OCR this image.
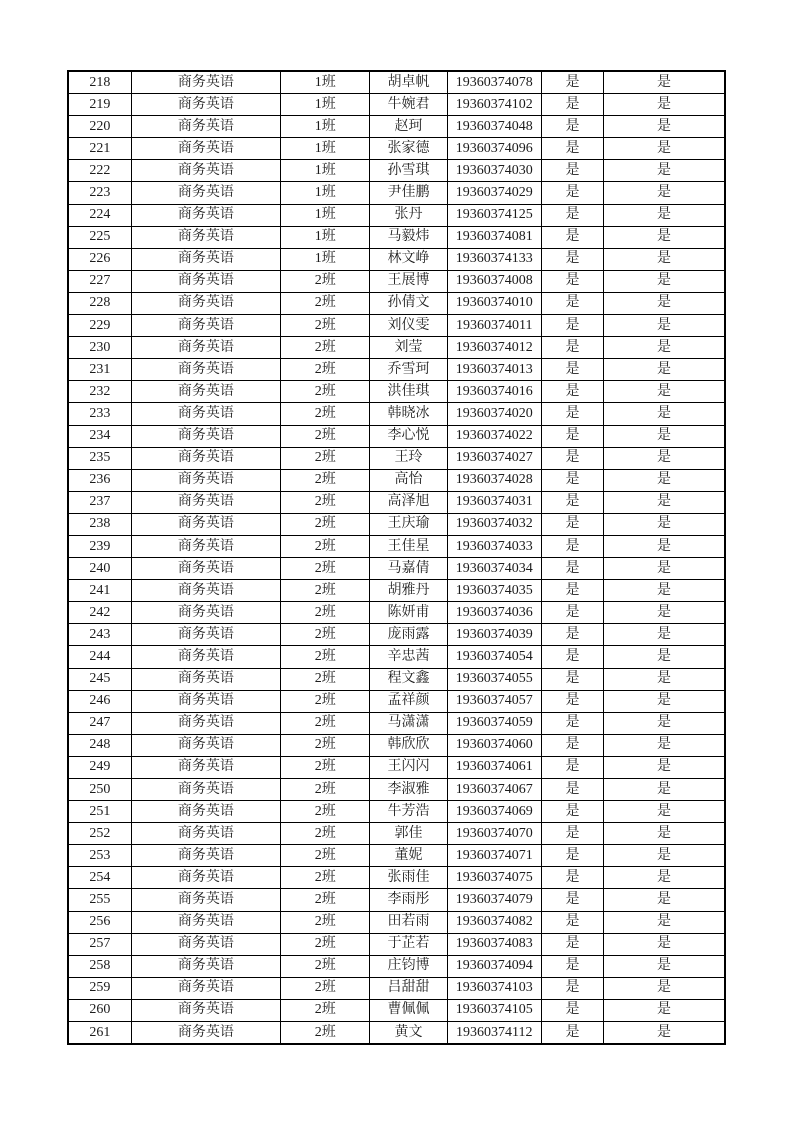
218	商务英语	1班	胡卓帆	19360374078	是	是
219	商务英语	1班	牛婉君	19360374102	是	是
220	商务英语	1班	赵珂	19360374048	是	是
221	商务英语	1班	张家德	19360374096	是	是
222	商务英语	1班	孙雪琪	19360374030	是	是
223	商务英语	1班	尹佳鹏	19360374029	是	是
224	商务英语	1班	张丹	19360374125	是	是
225	商务英语	1班	马毅炜	19360374081	是	是
226	商务英语	1班	林文峥	19360374133	是	是
227	商务英语	2班	王展博	19360374008	是	是
228	商务英语	2班	孙倩文	19360374010	是	是
229	商务英语	2班	刘仪雯	19360374011	是	是
230	商务英语	2班	刘莹	19360374012	是	是
231	商务英语	2班	乔雪珂	19360374013	是	是
232	商务英语	2班	洪佳琪	19360374016	是	是
233	商务英语	2班	韩晓冰	19360374020	是	是
234	商务英语	2班	李心悦	19360374022	是	是
235	商务英语	2班	王玲	19360374027	是	是
236	商务英语	2班	高怡	19360374028	是	是
237	商务英语	2班	高泽旭	19360374031	是	是
238	商务英语	2班	王庆瑜	19360374032	是	是
239	商务英语	2班	王佳星	19360374033	是	是
240	商务英语	2班	马嘉倩	19360374034	是	是
241	商务英语	2班	胡雅丹	19360374035	是	是
242	商务英语	2班	陈妍甫	19360374036	是	是
243	商务英语	2班	庞雨露	19360374039	是	是
244	商务英语	2班	辛忠茜	19360374054	是	是
245	商务英语	2班	程文鑫	19360374055	是	是
246	商务英语	2班	孟祥颜	19360374057	是	是
247	商务英语	2班	马潇潇	19360374059	是	是
248	商务英语	2班	韩欣欣	19360374060	是	是
249	商务英语	2班	王闪闪	19360374061	是	是
250	商务英语	2班	李淑雅	19360374067	是	是
251	商务英语	2班	牛芳浩	19360374069	是	是
252	商务英语	2班	郭佳	19360374070	是	是
253	商务英语	2班	董妮	19360374071	是	是
254	商务英语	2班	张雨佳	19360374075	是	是
255	商务英语	2班	李雨彤	19360374079	是	是
256	商务英语	2班	田若雨	19360374082	是	是
257	商务英语	2班	于芷若	19360374083	是	是
258	商务英语	2班	庄钧博	19360374094	是	是
259	商务英语	2班	吕甜甜	19360374103	是	是
260	商务英语	2班	曹佩佩	19360374105	是	是
261	商务英语	2班	黄文	19360374112	是	是
